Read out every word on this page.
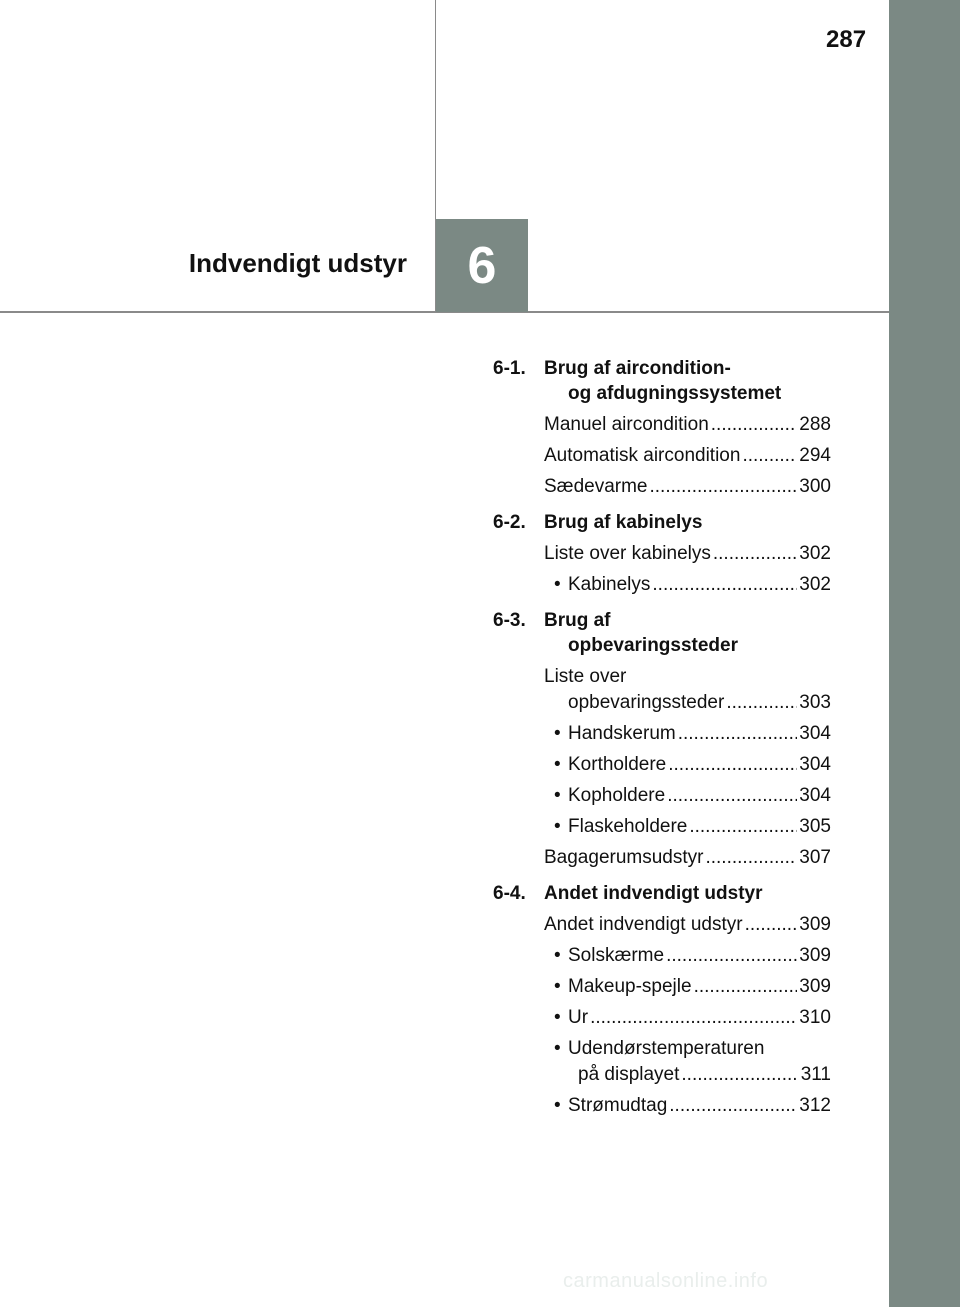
287
Indvendigt udstyr 6
6-1. Brug af aircondition-
og afdugningssystemet
Manuel aircondition .....	288
Automatisk aircondition .....	294
Sædevarme .....	300
6-2. Brug af kabinelys
Liste over kabinelys .....	302
• Kabinelys .....	302
6-3. Brug af
opbevaringssteder
Liste over
opbevaringssteder .....	303
• Handskerum .....	304
• Kortholdere .....	304
• Kopholdere .....	304
• Flaskeholdere .....	305
Bagagerumsudstyr .....	307
6-4. Andet indvendigt udstyr
Andet indvendigt udstyr .....	309
• Solskærme .....	309
• Makeup-spejle .....	309
• Ur .....	310
• Udendørstemperaturen
på displayet .....	311
• Strømudtag .....	312
carmanualsonline.info
